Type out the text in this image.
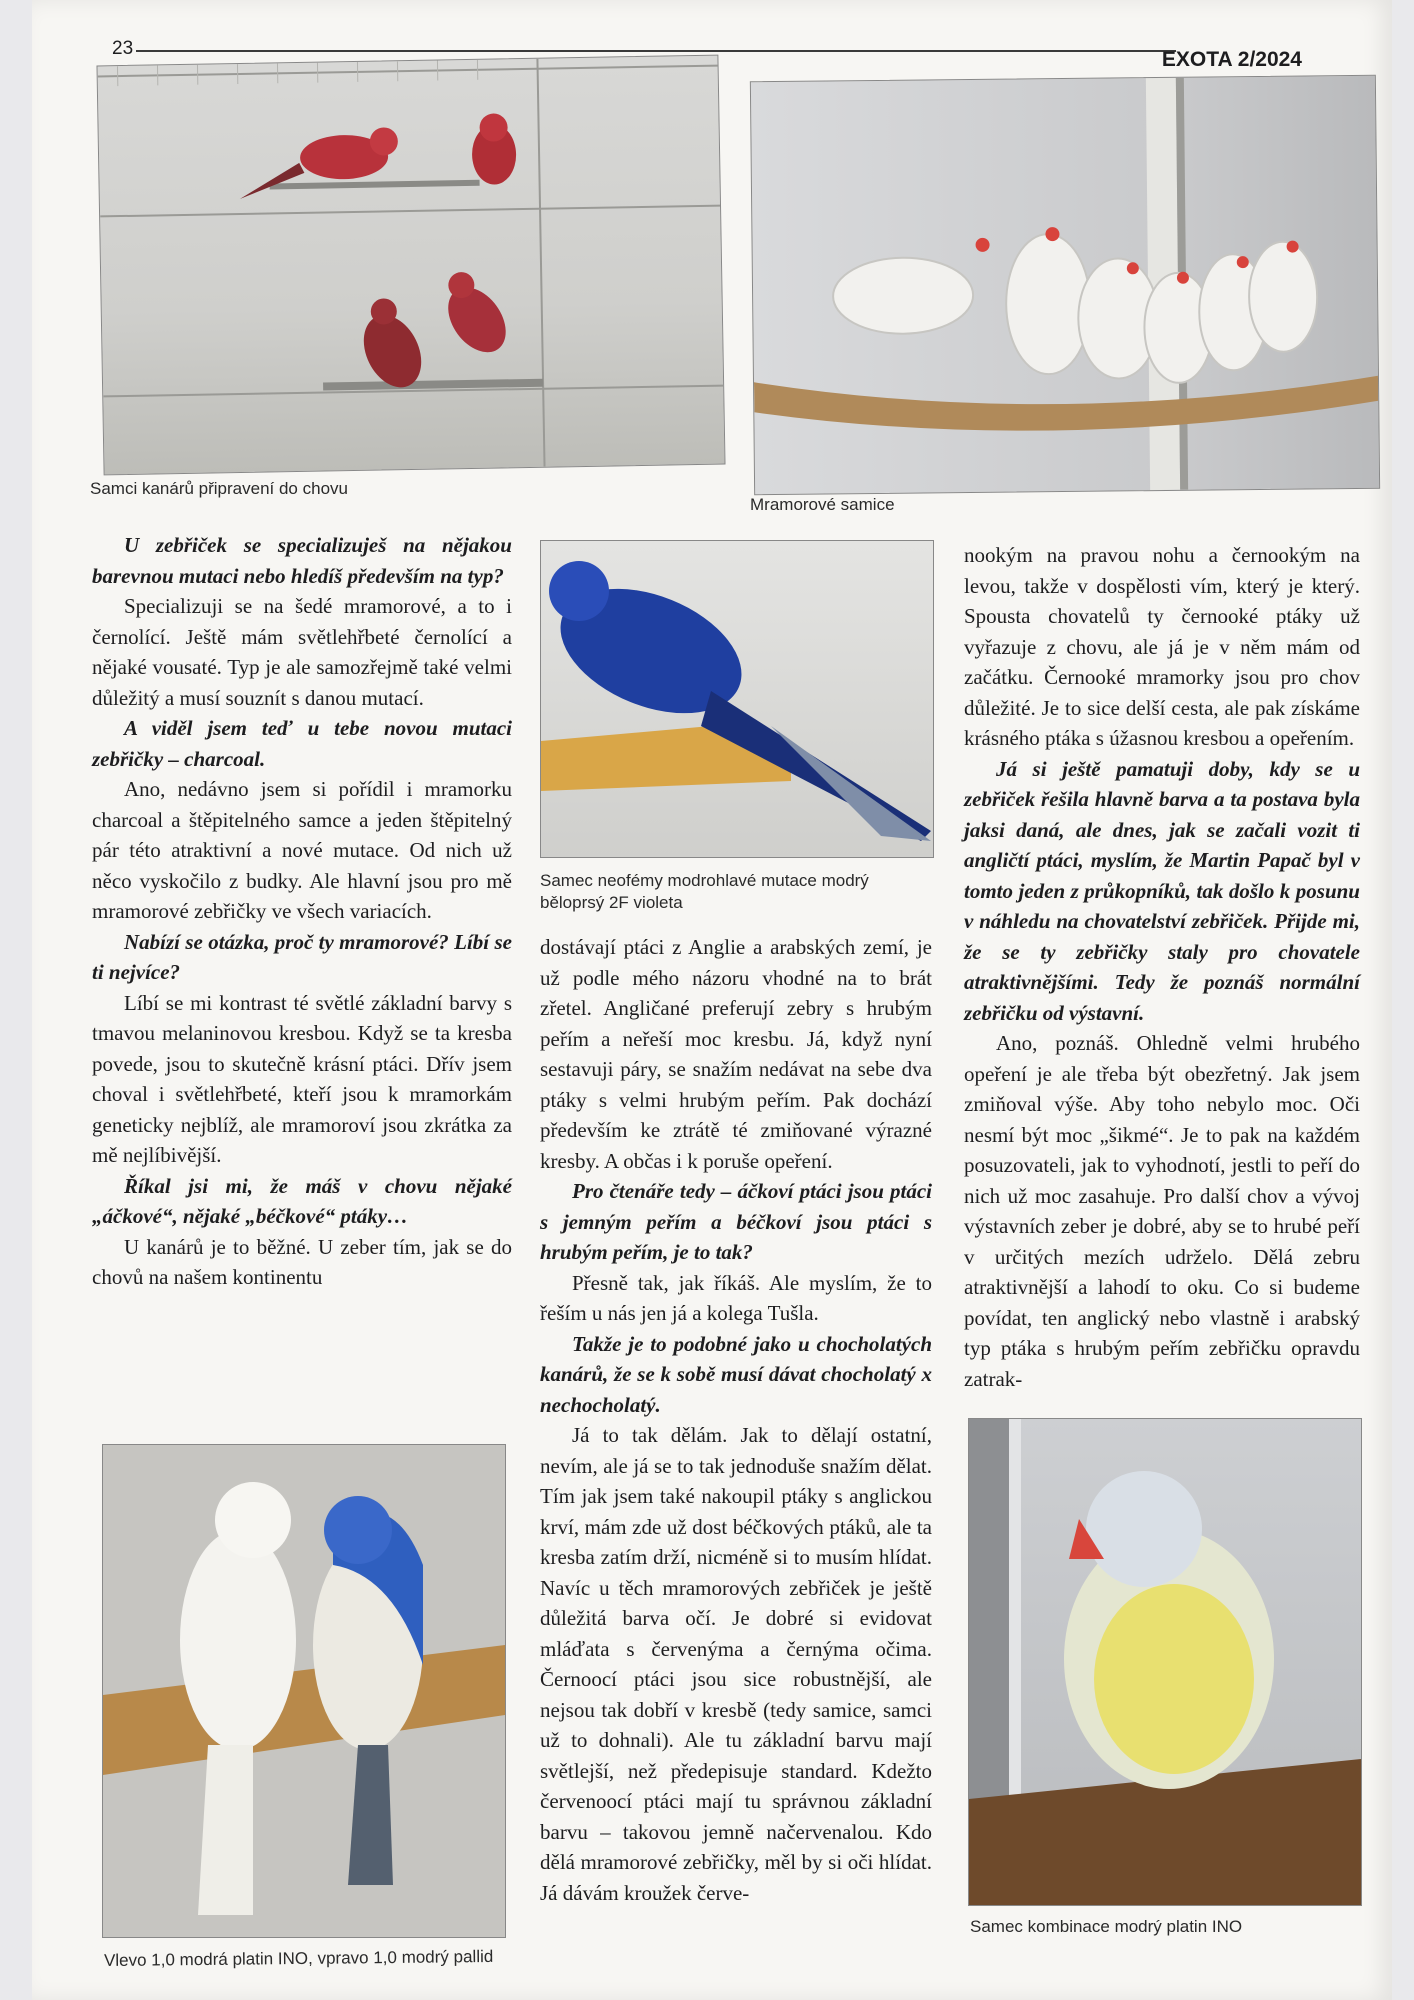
23	EXOTA 2/2024
Samci kanárů připravení do chovu
Mramorové samice
Samec neofémy modrohlavé mutace modrý běloprsý 2F violeta
Vlevo 1,0 modrá platin INO, vpravo 1,0 modrý pallid
Samec kombinace modrý platin INO

U zebřiček se specializuješ na nějakou barevnou mutaci nebo hledíš především na typ?

Specializuji se na šedé mramorové, a to i černolící. Ještě mám světlehřbeté černolící a nějaké vousaté. Typ je ale samozřejmě také velmi důležitý a musí souznít s danou mutací.

A viděl jsem teď u tebe novou mutaci zebřičky – charcoal.

Ano, nedávno jsem si pořídil i mramorku charcoal a štěpitelného samce a jeden štěpitelný pár této atraktivní a nové mutace. Od nich už něco vyskočilo z budky. Ale hlavní jsou pro mě mramorové zebřičky ve všech variacích.

Nabízí se otázka, proč ty mramorové? Líbí se ti nejvíce?

Líbí se mi kontrast té světlé základní barvy s tmavou melaninovou kresbou. Když se ta kresba povede, jsou to skutečně krásní ptáci. Dřív jsem choval i světlehřbeté, kteří jsou k mramorkám geneticky nejblíž, ale mramoroví jsou zkrátka za mě nejlíbivější.

Říkal jsi mi, že máš v chovu nějaké „áčkové“, nějaké „béčkové“ ptáky…

U kanárů je to běžné. U zeber tím, jak se do chovů na našem kontinentu

dostávají ptáci z Anglie a arabských zemí, je už podle mého názoru vhodné na to brát zřetel. Angličané preferují zebry s hrubým peřím a neřeší moc kresbu. Já, když nyní sestavuji páry, se snažím nedávat na sebe dva ptáky s velmi hrubým peřím. Pak dochází především ke ztrátě té zmiňované výrazné kresby. A občas i k poruše opeření.

Pro čtenáře tedy – áčkoví ptáci jsou ptáci s jemným peřím a béčkoví jsou ptáci s hrubým peřím, je to tak?

Přesně tak, jak říkáš. Ale myslím, že to řeším u nás jen já a kolega Tušla.

Takže je to podobné jako u chocholatých kanárů, že se k sobě musí dávat chocholatý x nechocholatý.

Já to tak dělám. Jak to dělají ostatní, nevím, ale já se to tak jednoduše snažím dělat. Tím jak jsem také nakoupil ptáky s anglickou krví, mám zde už dost béčkových ptáků, ale ta kresba zatím drží, nicméně si to musím hlídat. Navíc u těch mramorových zebřiček je ještě důležitá barva očí. Je dobré si evidovat mláďata s červenýma a černýma očima. Černoocí ptáci jsou sice robustnější, ale nejsou tak dobří v kresbě (tedy samice, samci už to dohnali). Ale tu základní barvu mají světlejší, než předepisuje standard. Kdežto červenoocí ptáci mají tu správnou základní barvu – takovou jemně načervenalou. Kdo dělá mramorové zebřičky, měl by si oči hlídat. Já dávám kroužek červe-

nookým na pravou nohu a černookým na levou, takže v dospělosti vím, který je který. Spousta chovatelů ty černooké ptáky už vyřazuje z chovu, ale já je v něm mám od začátku. Černooké mramorky jsou pro chov důležité. Je to sice delší cesta, ale pak získáme krásného ptáka s úžasnou kresbou a opeřením.

Já si ještě pamatuji doby, kdy se u zebřiček řešila hlavně barva a ta postava byla jaksi daná, ale dnes, jak se začali vozit ti angličtí ptáci, myslím, že Martin Papač byl v tomto jeden z průkopníků, tak došlo k posunu v náhledu na chovatelství zebřiček. Přijde mi, že se ty zebřičky staly pro chovatele atraktivnějšími. Tedy že poznáš normální zebřičku od výstavní.

Ano, poznáš. Ohledně velmi hrubého opeření je ale třeba být obezřetný. Jak jsem zmiňoval výše. Aby toho nebylo moc. Oči nesmí být moc „šikmé“. Je to pak na každém posuzovateli, jak to vyhodnotí, jestli to peří do nich už moc zasahuje. Pro další chov a vývoj výstavních zeber je dobré, aby se to hrubé peří v určitých mezích udrželo. Dělá zebru atraktivnější a lahodí to oku. Co si budeme povídat, ten anglický nebo vlastně i arabský typ ptáka s hrubým peřím zebřičku opravdu zatrak-
